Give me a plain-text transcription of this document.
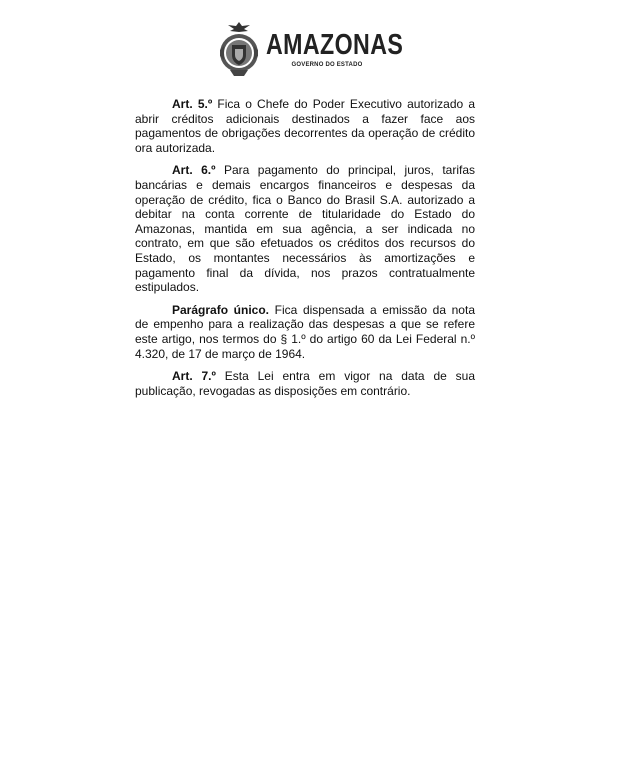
AMAZONAS
GOVERNO DO ESTADO

Art. 5.º Fica o Chefe do Poder Executivo autorizado a abrir créditos adicionais destinados a fazer face aos pagamentos de obrigações decorrentes da operação de crédito ora autorizada.

Art. 6.º Para pagamento do principal, juros, tarifas bancárias e demais encargos financeiros e despesas da operação de crédito, fica o Banco do Brasil S.A. autorizado a debitar na conta corrente de titularidade do Estado do Amazonas, mantida em sua agência, a ser indicada no contrato, em que são efetuados os créditos dos recursos do Estado, os montantes necessários às amortizações e pagamento final da dívida, nos prazos contratualmente estipulados.

Parágrafo único. Fica dispensada a emissão da nota de empenho para a realização das despesas a que se refere este artigo, nos termos do § 1.º do artigo 60 da Lei Federal n.º 4.320, de 17 de março de 1964.

Art. 7.º Esta Lei entra em vigor na data de sua publicação, revogadas as disposições em contrário.
